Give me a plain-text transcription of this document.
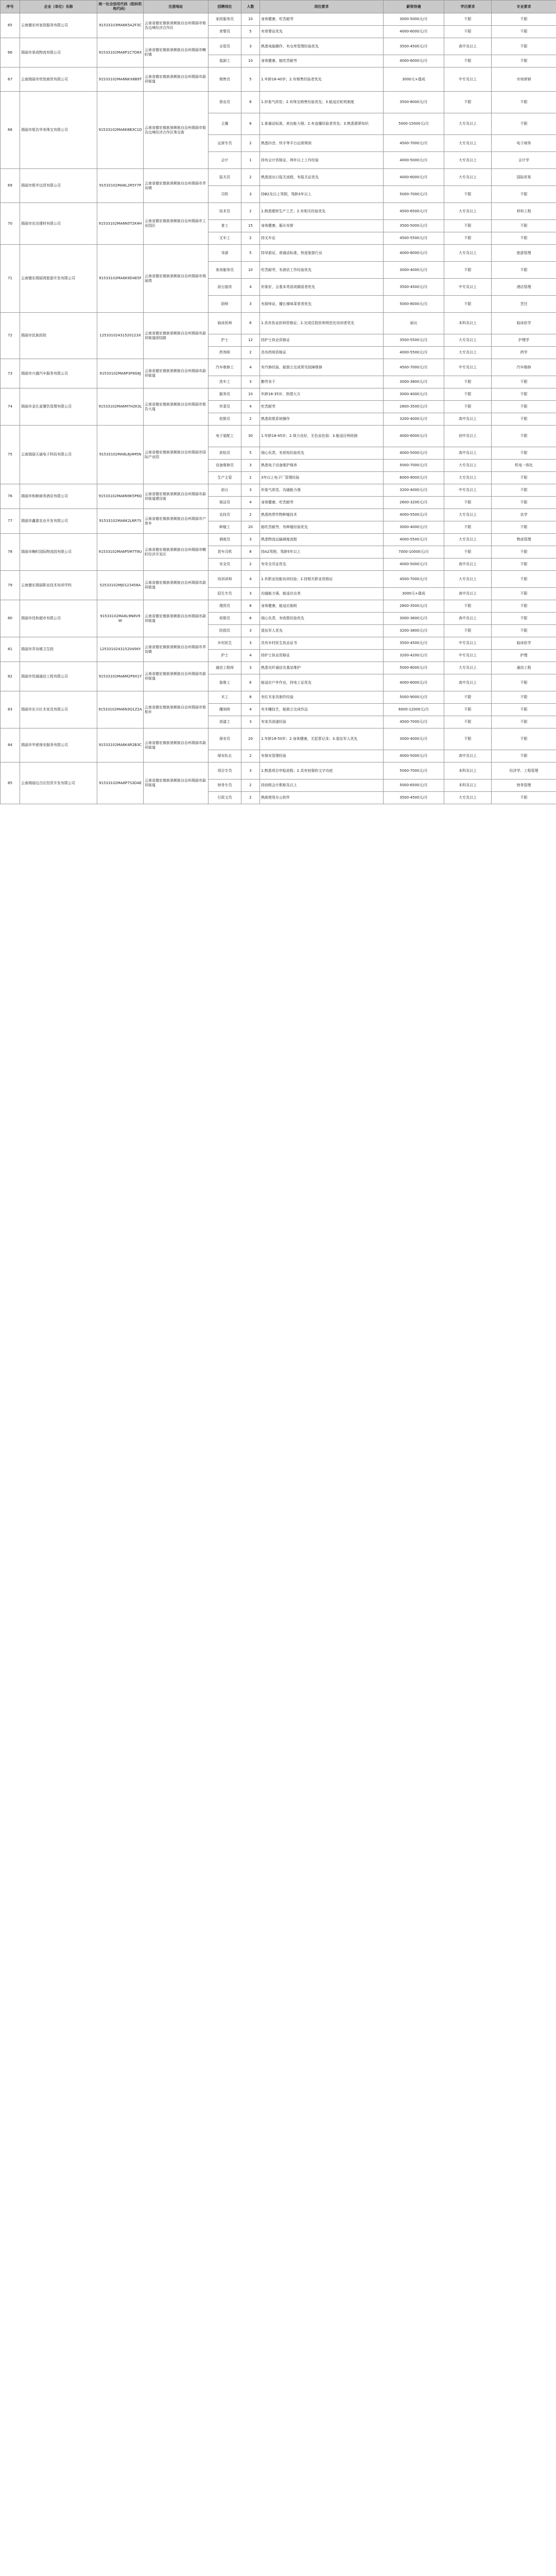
序号	企业（单位）名称	统一社会信用代码（组织机构代码）	注册地址	招聘岗位	人数	岗位要求	薪资待遇	学历要求	专业要求
65	云南德宏州家政服务有限公司	91533103MA6K5A2F3C	云南省德宏傣族景颇族自治州瑞丽市姐告边境经济合作区	家政服务员	10	身体健康，吃苦耐劳	3000-5000元/月	不限	不限
				育婴员	5	有育婴证优先	4000-6000元/月	不限	不限
66	瑞丽市景成物流有限公司	91533102MA6P1C7D8X	云南省德宏傣族景颇族自治州瑞丽市畹町镇	仓管员	3	熟悉电脑操作，有仓库管理经验优先	3500-4500元/月	高中及以上	不限
				装卸工	10	身体健康，能吃苦耐劳	4000-6000元/月	不限	不限
67	云南瑞丽市欣悦商贸有限公司	91533102MA6NKX8B9T	云南省德宏傣族景颇族自治州瑞丽市勐卯街道	销售员	5	1.年龄18-40岁；2.有销售经验者优先	3000元+提成	中专及以上	市场营销
68	瑞丽市姐告华美珠宝有限公司	91533102MA6K8B3C1D	云南省德宏傣族景颇族自治州瑞丽市姐告边境经济合作区珠宝街	营业员	8	1.形象气质佳；2.有珠宝销售经验优先；3.能适应轮班制度	3500-8000元/月	不限	不限
				主播	6	1.普通话标准，表达能力强；2.有直播经验者优先；3.熟悉翡翠知识	5000-15000元/月	大专及以上	不限
				运营专员	2	熟悉抖音、快手等平台运营规则	4500-7000元/月	大专及以上	电子商务
				会计	1	持有会计资格证，两年以上工作经验	4000-5000元/月	大专及以上	会计学
69	瑞丽市银井边贸有限公司	91533102MA6L2R5Y7P	云南省德宏傣族景颇族自治州瑞丽市弄岛镇	报关员	2	熟悉进出口报关流程，有报关证优先	4000-6000元/月	大专及以上	国际贸易
				司机	3	持B2及以上驾照，驾龄3年以上	5000-7000元/月	不限	不限
70	瑞丽市宏达建材有限公司	91533102MA6N5T2K4H	云南省德宏傣族景颇族自治州瑞丽市工业园区	技术员	2	1.熟悉建材生产工艺；2.有相关经验优先	4500-6500元/月	大专及以上	材料工程
				普工	15	身体健康，服从安排	3500-5000元/月	不限	不限
				叉车工	2	持叉车证	4500-5500元/月	不限	不限
71	云南德宏瑞丽湾旅游开发有限公司	91533102MA6K9D4E5F	云南省德宏傣族景颇族自治州瑞丽市瑞丽湾	导游	5	持导游证，普通话标准，热爱旅游行业	4000-8000元/月	大专及以上	旅游管理
				客房服务员	10	吃苦耐劳，有酒店工作经验优先	3000-4000元/月	不限	不限
				前台接待	4	形象好，会基本英语或缅语者优先	3500-4500元/月	中专及以上	酒店管理
				厨师	3	有厨师证，擅长傣味菜肴者优先	5000-8000元/月	不限	烹饪
72	瑞丽市民族医院	12533102431520123X	云南省德宏傣族景颇族自治州瑞丽市勐卯街道团结路	临床医师	6	1.具有执业医师资格证；2.完成住院医师规范化培训者优先	面议	本科及以上	临床医学
				护士	12	持护士执业资格证	3500-5500元/月	大专及以上	护理学
				药剂师	2	具有药师资格证	4000-5500元/月	大专及以上	药学
73	瑞丽市兴盛汽车服务有限公司	91533102MA6P3F6G8J	云南省德宏傣族景颇族自治州瑞丽市勐卯街道	汽车维修工	4	有汽修经验，能独立完成常见故障维修	4500-7000元/月	中专及以上	汽车维修
				洗车工	3	勤劳肯干	3000-3800元/月	不限	不限
74	瑞丽市金孔雀餐饮管理有限公司	91533102MA6M7H2K3L	云南省德宏傣族景颇族自治州瑞丽市姐告大道	服务员	10	年龄18-35岁，热情大方	3000-4000元/月	不限	不限
				传菜员	4	吃苦耐劳	2800-3500元/月	不限	不限
				收银员	2	熟悉收银系统操作	3200-4000元/月	高中及以上	不限
75	云南瑞丽天诚电子科技有限公司	91533102MA6L8J4M5N	云南省德宏傣族景颇族自治州瑞丽市国际产业园	电子装配工	30	1.年龄18-45岁；2.视力良好，无色盲色弱；3.能适应两班倒	4000-6000元/月	初中及以上	不限
				质检员	5	细心负责，有质检经验优先	4000-5000元/月	高中及以上	不限
				设备维修员	3	熟悉电子设备维护保养	5000-7000元/月	大专及以上	机电一体化
				生产主管	2	3年以上电子厂管理经验	6000-9000元/月	大专及以上	不限
76	瑞丽市和顺商务酒店有限公司	91533102MA6N9K5P6Q	云南省德宏傣族景颇族自治州瑞丽市勐卯街道建设街	前台	3	形象气质佳，沟通能力强	3200-4000元/月	中专及以上	不限
				保洁员	4	身体健康，吃苦耐劳	2600-3200元/月	不限	不限
77	瑞丽市鑫源农业开发有限公司	91533102MA6K2L6R7S	云南省德宏傣族景颇族自治州瑞丽市户育乡	农技员	2	熟悉热带作物种植技术	4000-5500元/月	大专及以上	农学
				种植工	20	能吃苦耐劳，有种植经验优先	3000-4000元/月	不限	不限
78	瑞丽市畹町国际物流园有限公司	91533102MA6P5M7T8U	云南省德宏傣族景颇族自治州瑞丽市畹町经济开发区	调度员	3	熟悉物流运输调度流程	4000-5500元/月	大专及以上	物流管理
				货车司机	8	持A2驾照，驾龄5年以上	7000-10000元/月	不限	不限
				安全员	2	有安全员证优先	4000-5000元/月	高中及以上	不限
79	云南德宏瑞丽职业技术培训学校	52533102MJ0123456A	云南省德宏傣族景颇族自治州瑞丽市勐卯街道	培训讲师	4	1.有职业技能培训经验；2.持相关职业资格证	4500-7000元/月	大专及以上	不限
				招生专员	3	沟通能力强，能适应出差	3000元+提成	高中及以上	不限
80	瑞丽市佳和超市有限公司	91533102MA6L9N8V9W	云南省德宏傣族景颇族自治州瑞丽市勐卯街道	理货员	8	身体健康，能适应倒班	2800-3500元/月	不限	不限
				收银员	6	细心负责，有收银经验优先	3000-3600元/月	高中及以上	不限
				防损员	3	退伍军人优先	3200-3800元/月	不限	不限
81	瑞丽市弄岛镇卫生院	12533102431520456Y	云南省德宏傣族景颇族自治州瑞丽市弄岛镇	乡村医生	3	具有乡村医生执业证书	3500-4500元/月	中专及以上	临床医学
				护士	4	持护士执业资格证	3200-4200元/月	中专及以上	护理
82	瑞丽市恒通通信工程有限公司	91533102MA6M2P9X1Y	云南省德宏傣族景颇族自治州瑞丽市勐卯街道	通信工程师	3	熟悉光纤通信及基站维护	5000-8000元/月	大专及以上	通信工程
				装维工	6	能适应户外作业，持电工证优先	4000-6000元/月	高中及以上	不限
83	瑞丽市东方红木家具有限公司	91533102MA6N3Q1Z2A	云南省德宏傣族景颇族自治州瑞丽市姐相乡	木工	8	有红木家具制作经验	5000-9000元/月	不限	不限
				雕刻师	4	有木雕技艺，能独立完成作品	6000-12000元/月	不限	不限
				油漆工	3	有家具油漆经验	4500-7000元/月	不限	不限
84	瑞丽市华夏保安服务有限公司	91533102MA6K4R2B3C	云南省德宏傣族景颇族自治州瑞丽市勐卯街道	保安员	20	1.年龄18-50岁；2.身体健康，无犯罪记录；3.退伍军人优先	3000-4000元/月	不限	不限
				保安队长	2	有保安管理经验	4000-5000元/月	高中及以上	不限
85	云南瑞丽边合区投资开发有限公司	91533102MA6P7S3D4E	云南省德宏傣族景颇族自治州瑞丽市勐卯街道	项目专员	3	1.熟悉项目申报流程；2.具有较强的文字功底	5000-7000元/月	本科及以上	经济学、工程管理
				财务专员	2	持初级会计职称及以上	5000-6500元/月	本科及以上	财务管理
				行政文员	2	熟练使用办公软件	3500-4500元/月	大专及以上	不限
